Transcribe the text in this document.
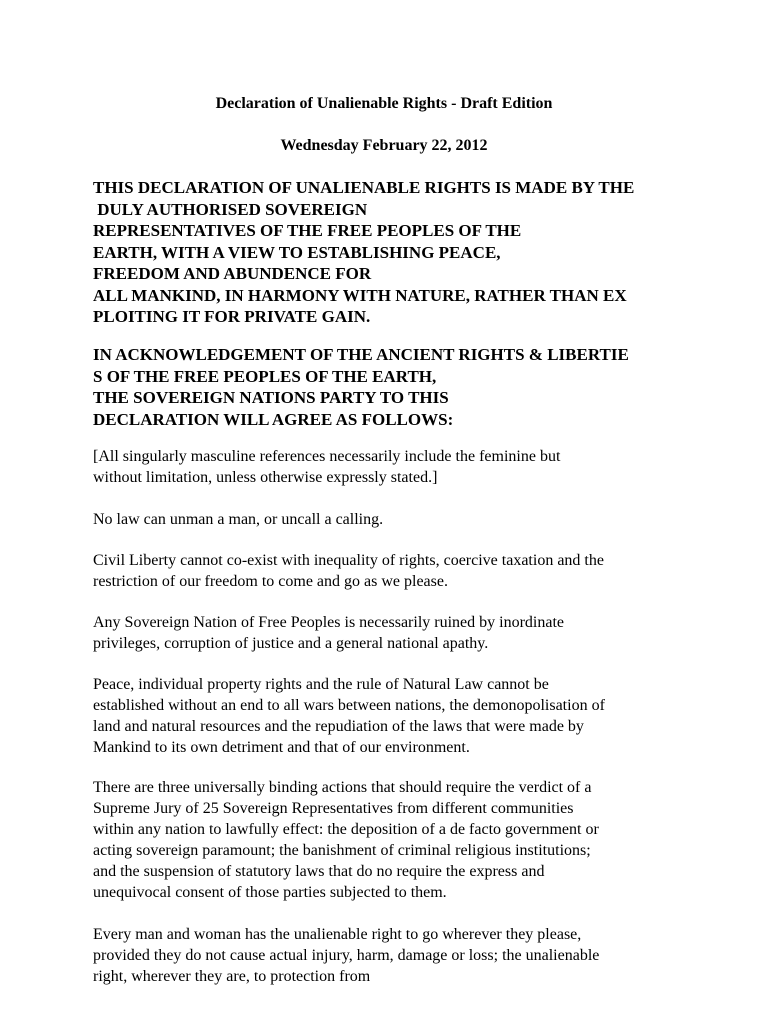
Declaration of Unalienable Rights - Draft Edition
Wednesday February 22, 2012
THIS DECLARATION OF UNALIENABLE RIGHTS IS MADE BY THE
DULY AUTHORISED SOVEREIGN
REPRESENTATIVES OF THE FREE PEOPLES OF THE
EARTH, WITH A VIEW TO ESTABLISHING PEACE,
FREEDOM AND ABUNDENCE FOR
ALL MANKIND, IN HARMONY WITH NATURE, RATHER THAN EX
PLOITING IT FOR PRIVATE GAIN.
IN ACKNOWLEDGEMENT OF THE ANCIENT RIGHTS & LIBERTIE
S OF THE FREE PEOPLES OF THE EARTH,
THE SOVEREIGN NATIONS PARTY TO THIS
DECLARATION WILL AGREE AS FOLLOWS:
[All singularly masculine references necessarily include the feminine but
without limitation, unless otherwise expressly stated.]
No law can unman a man, or uncall a calling.
Civil Liberty cannot co-exist with inequality of rights, coercive taxation and the
restriction of our freedom to come and go as we please.
Any Sovereign Nation of Free Peoples is necessarily ruined by inordinate
privileges, corruption of justice and a general national apathy.
Peace, individual property rights and the rule of Natural Law cannot be
established without an end to all wars between nations, the demonopolisation of
land and natural resources and the repudiation of the laws that were made by
Mankind to its own detriment and that of our environment.
There are three universally binding actions that should require the verdict of a
Supreme Jury of 25 Sovereign Representatives from different communities
within any nation to lawfully effect: the deposition of a de facto government or
acting sovereign paramount; the banishment of criminal religious institutions;
and the suspension of statutory laws that do no require the express and
unequivocal consent of those parties subjected to them.
Every man and woman has the unalienable right to go wherever they please,
provided they do not cause actual injury, harm, damage or loss; the unalienable
right, wherever they are, to protection from
